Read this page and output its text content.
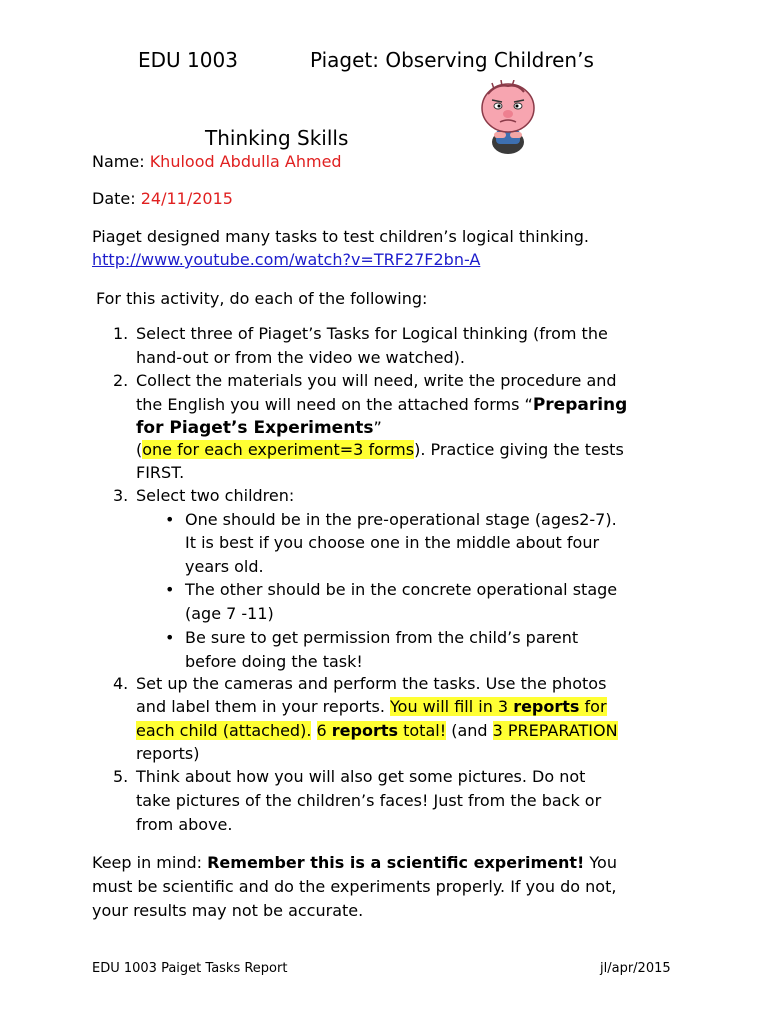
EDU 1003	Piaget: Observing Children’s
Thinking Skills
Name: Khulood Abdulla Ahmed
Date: 24/11/2015
Piaget designed many tasks to test children’s logical thinking.
http://www.youtube.com/watch?v=TRF27F2bn-A
For this activity, do each of the following:
1. Select three of Piaget’s Tasks for Logical thinking (from the
hand-out or from the video we watched).
2. Collect the materials you will need, write the procedure and
the English you will need on the attached forms “Preparing
for Piaget’s Experiments”
(one for each experiment=3 forms). Practice giving the tests
FIRST.
3. Select two children:
• One should be in the pre-operational stage (ages2-7).
It is best if you choose one in the middle about four
years old.
• The other should be in the concrete operational stage
(age 7 -11)
• Be sure to get permission from the child’s parent
before doing the task!
4. Set up the cameras and perform the tasks. Use the photos
and label them in your reports. You will fill in 3 reports for
each child (attached). 6 reports total! (and 3 PREPARATION
reports)
5. Think about how you will also get some pictures. Do not
take pictures of the children’s faces! Just from the back or
from above.
Keep in mind: Remember this is a scientific experiment! You
must be scientific and do the experiments properly. If you do not,
your results may not be accurate.
EDU 1003 Paiget Tasks Report	jl/apr/2015
